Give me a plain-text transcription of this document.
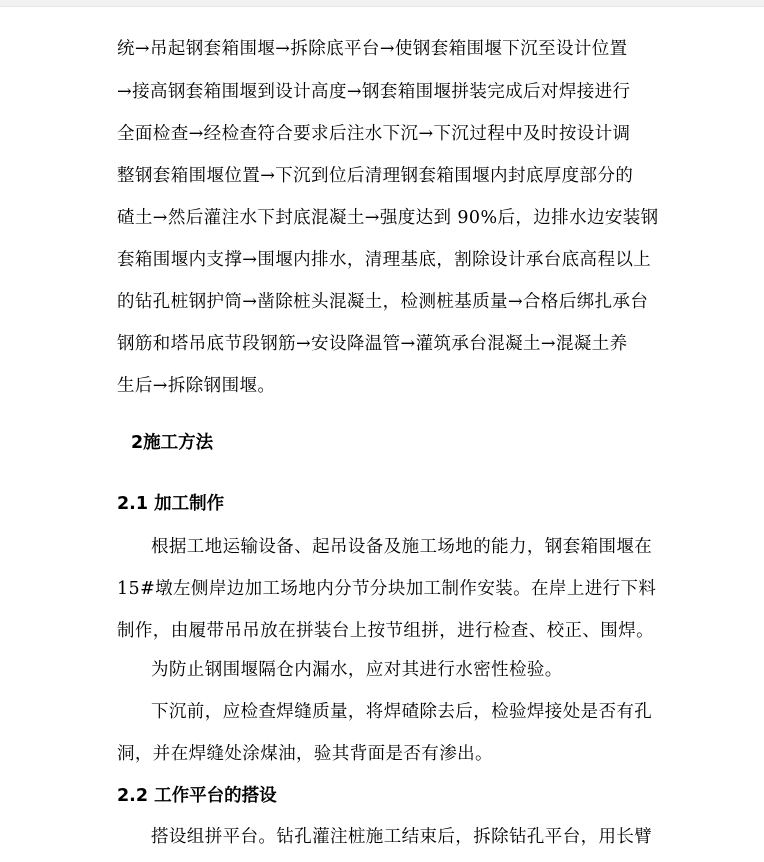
统→吊起钢套箱围堰→拆除底平台→使钢套箱围堰下沉至设计位置
→接高钢套箱围堰到设计高度→钢套箱围堰拼装完成后对焊接进行
全面检查→经检查符合要求后注水下沉→下沉过程中及时按设计调
整钢套箱围堰位置→下沉到位后清理钢套箱围堰内封底厚度部分的
碴土→然后灌注水下封底混凝土→强度达到 90%后，边排水边安装钢
套箱围堰内支撑→围堰内排水，清理基底，割除设计承台底高程以上
的钻孔桩钢护筒→凿除桩头混凝土，检测桩基质量→合格后绑扎承台
钢筋和塔吊底节段钢筋→安设降温管→灌筑承台混凝土→混凝土养
生后→拆除钢围堰。
2施工方法
2.1 加工制作
根据工地运输设备、起吊设备及施工场地的能力，钢套箱围堰在
15#墩左侧岸边加工场地内分节分块加工制作安装。在岸上进行下料
制作，由履带吊吊放在拼装台上按节组拼，进行检查、校正、围焊。
为防止钢围堰隔仓内漏水，应对其进行水密性检验。
下沉前，应检查焊缝质量，将焊碴除去后，检验焊接处是否有孔
洞，并在焊缝处涂煤油，验其背面是否有渗出。
2.2 工作平台的搭设
搭设组拼平台。钻孔灌注桩施工结束后，拆除钻孔平台，用长臂
